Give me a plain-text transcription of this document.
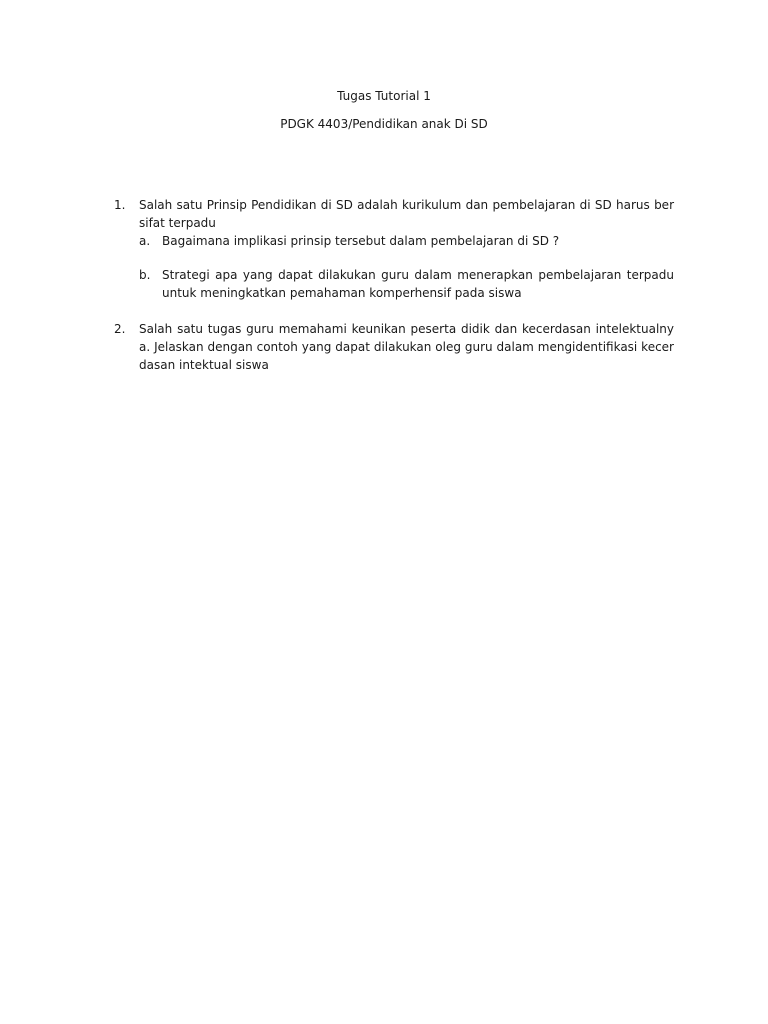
Tugas Tutorial 1
PDGK 4403/Pendidikan anak Di SD
1.	Salah satu Prinsip Pendidikan di SD adalah kurikulum dan pembelajaran di SD harus bersifat terpadu
a. Bagaimana implikasi prinsip tersebut dalam pembelajaran di SD ?
b. Strategi apa yang dapat dilakukan guru dalam menerapkan pembelajaran terpadu untuk meningkatkan pemahaman komperhensif pada siswa
2.	Salah satu tugas guru memahami keunikan peserta didik dan kecerdasan intelektualnya. Jelaskan dengan contoh yang dapat dilakukan oleg guru dalam mengidentifikasi kecerdasan intektual siswa
